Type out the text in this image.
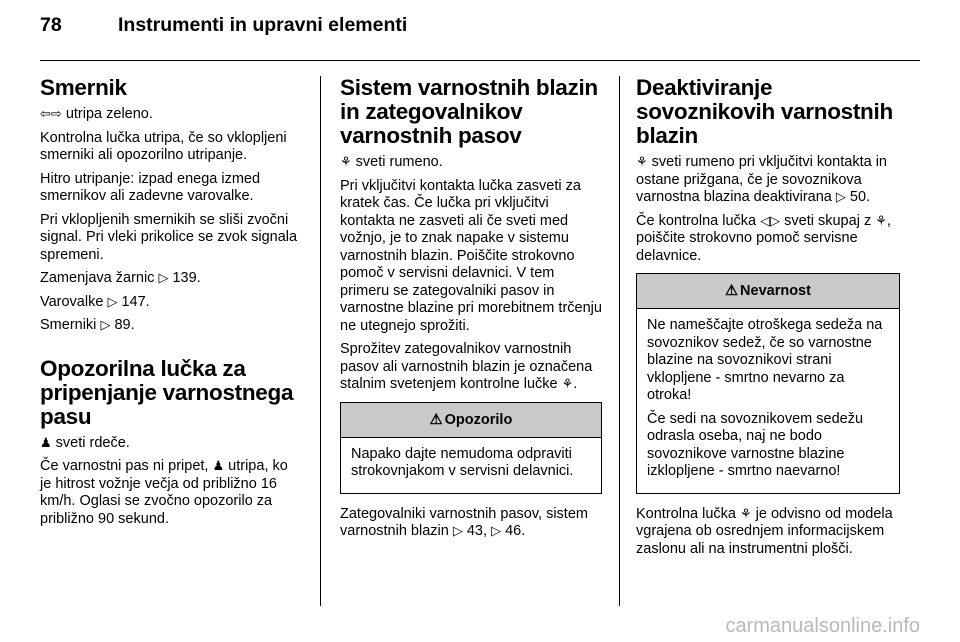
78	Instrumenti in upravni elementi
Smernik

⇦⇨ utripa zeleno.

Kontrolna lučka utripa, če so vklopljeni smerniki ali opozorilno utripanje.

Hitro utripanje: izpad enega izmed smernikov ali zadevne varovalke.

Pri vklopljenih smernikih se sliši zvočni signal. Pri vleki prikolice se zvok signala spremeni.

Zamenjava žarnic ▷ 139.

Varovalke ▷ 147.

Smerniki ▷ 89.

Opozorilna lučka za pripenjanje varnostnega pasu

♟ sveti rdeče.

Če varnostni pas ni pripet, ♟ utripa, ko je hitrost vožnje večja od približno 16 km/h. Oglasi se zvočno opozorilo za približno 90 sekund.

Sistem varnostnih blazin in zategovalnikov varnostnih pasov

⚘ sveti rumeno.

Pri vključitvi kontakta lučka zasveti za kratek čas. Če lučka pri vključitvi kontakta ne zasveti ali če sveti med vožnjo, je to znak napake v sistemu varnostnih blazin. Poiščite strokovno pomoč v servisni delavnici. V tem primeru se zategovalniki pasov in varnostne blazine pri morebitnem trčenju ne utegnejo sprožiti.

Sprožitev zategovalnikov varnostnih pasov ali varnostnih blazin je označena stalnim svetenjem kontrolne lučke ⚘.

⚠ Opozorilo

Napako dajte nemudoma odpraviti strokovnjakom v servisni delavnici.

Zategovalniki varnostnih pasov, sistem varnostnih blazin ▷ 43, ▷ 46.

Deaktiviranje sovoznikovih varnostnih blazin

⚘ sveti rumeno pri vključitvi kontakta in ostane prižgana, če je sovoznikova varnostna blazina deaktivirana ▷ 50.

Če kontrolna lučka ◁▷ sveti skupaj z ⚘, poiščite strokovno pomoč servisne delavnice.

⚠ Nevarnost

Ne nameščajte otroškega sedeža na sovoznikov sedež, če so varnostne blazine na sovoznikovi strani vklopljene - smrtno nevarno za otroka!

Če sedi na sovoznikovem sedežu odrasla oseba, naj ne bodo sovoznikove varnostne blazine izklopljene - smrtno naevarno!

Kontrolna lučka ⚘ je odvisno od modela vgrajena ob osrednjem informacijskem zaslonu ali na instrumentni plošči.

carmanualsonline.info
